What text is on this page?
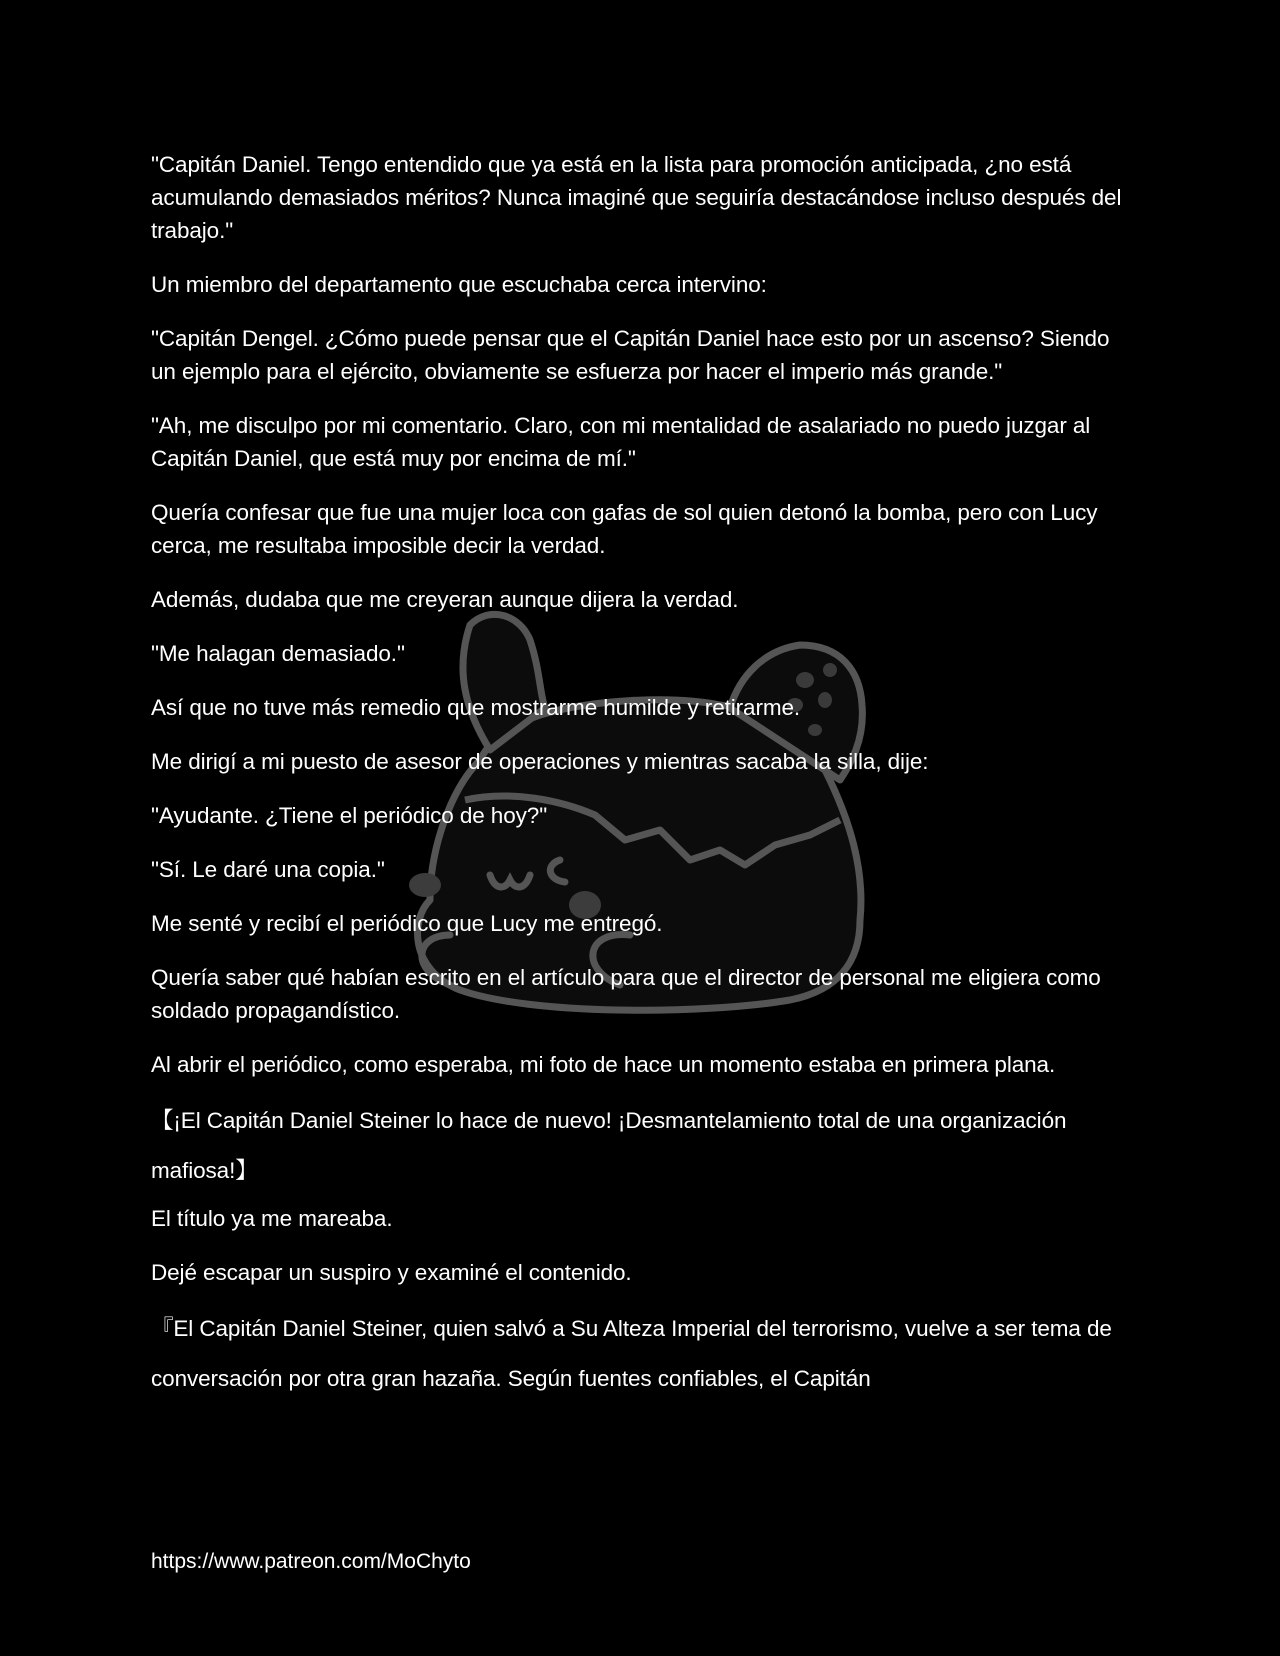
"Capitán Daniel. Tengo entendido que ya está en la lista para promoción anticipada, ¿no está acumulando demasiados méritos? Nunca imaginé que seguiría destacándose incluso después del trabajo."

Un miembro del departamento que escuchaba cerca intervino:

"Capitán Dengel. ¿Cómo puede pensar que el Capitán Daniel hace esto por un ascenso? Siendo un ejemplo para el ejército, obviamente se esfuerza por hacer el imperio más grande."

"Ah, me disculpo por mi comentario. Claro, con mi mentalidad de asalariado no puedo juzgar al Capitán Daniel, que está muy por encima de mí."

Quería confesar que fue una mujer loca con gafas de sol quien detonó la bomba, pero con Lucy cerca, me resultaba imposible decir la verdad.

Además, dudaba que me creyeran aunque dijera la verdad.

"Me halagan demasiado."

Así que no tuve más remedio que mostrarme humilde y retirarme.

Me dirigí a mi puesto de asesor de operaciones y mientras sacaba la silla, dije:

"Ayudante. ¿Tiene el periódico de hoy?"

"Sí. Le daré una copia."

Me senté y recibí el periódico que Lucy me entregó.

Quería saber qué habían escrito en el artículo para que el director de personal me eligiera como soldado propagandístico.

Al abrir el periódico, como esperaba, mi foto de hace un momento estaba en primera plana.

【¡El Capitán Daniel Steiner lo hace de nuevo! ¡Desmantelamiento total de una organización mafiosa!】

El título ya me mareaba.

Dejé escapar un suspiro y examiné el contenido.

『El Capitán Daniel Steiner, quien salvó a Su Alteza Imperial del terrorismo, vuelve a ser tema de conversación por otra gran hazaña. Según fuentes confiables, el Capitán

https://www.patreon.com/MoChyto
